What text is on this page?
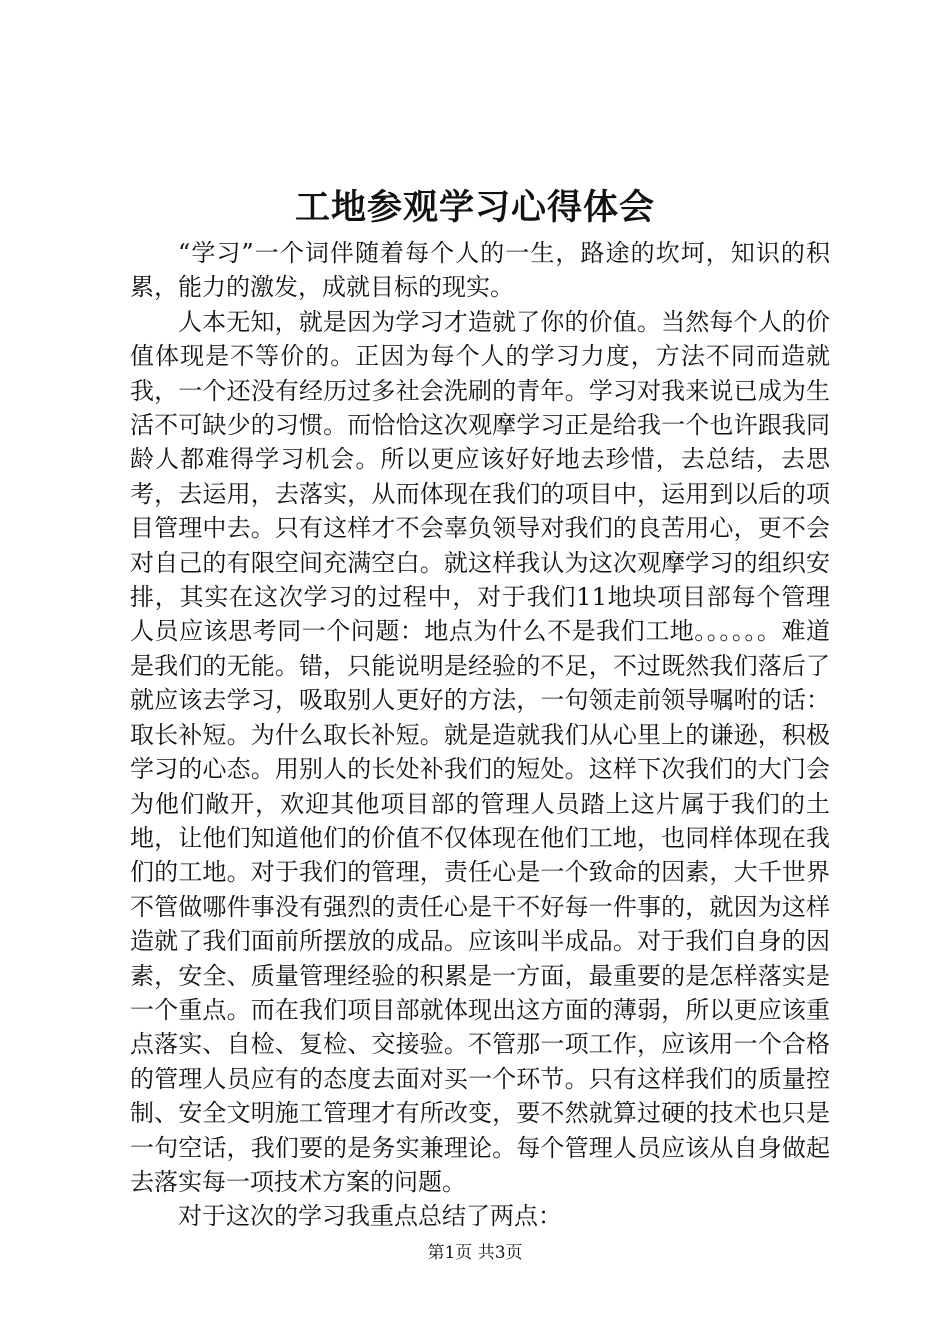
工地参观学习心得体会

“学习”一个词伴随着每个人的一生，路途的坎坷，知识的积累，能力的激发，成就目标的现实。

人本无知，就是因为学习才造就了你的价值。当然每个人的价值体现是不等价的。正因为每个人的学习力度，方法不同而造就我，一个还没有经历过多社会洗刷的青年。学习对我来说已成为生活不可缺少的习惯。而恰恰这次观摩学习正是给我一个也许跟我同龄人都难得学习机会。所以更应该好好地去珍惜，去总结，去思考，去运用，去落实，从而体现在我们的项目中，运用到以后的项目管理中去。只有这样才不会辜负领导对我们的良苦用心，更不会对自己的有限空间充满空白。就这样我认为这次观摩学习的组织安排，其实在这次学习的过程中，对于我们11地块项目部每个管理人员应该思考同一个问题：地点为什么不是我们工地。。。。。。难道是我们的无能。错，只能说明是经验的不足，不过既然我们落后了就应该去学习，吸取别人更好的方法，一句领走前领导嘱咐的话：取长补短。为什么取长补短。就是造就我们从心里上的谦逊，积极学习的心态。用别人的长处补我们的短处。这样下次我们的大门会为他们敞开，欢迎其他项目部的管理人员踏上这片属于我们的土地，让他们知道他们的价值不仅体现在他们工地，也同样体现在我们的工地。对于我们的管理，责任心是一个致命的因素，大千世界不管做哪件事没有强烈的责任心是干不好每一件事的，就因为这样造就了我们面前所摆放的成品。应该叫半成品。对于我们自身的因素，安全、质量管理经验的积累是一方面，最重要的是怎样落实是一个重点。而在我们项目部就体现出这方面的薄弱，所以更应该重点落实、自检、复检、交接验。不管那一项工作，应该用一个合格的管理人员应有的态度去面对买一个环节。只有这样我们的质量控制、安全文明施工管理才有所改变，要不然就算过硬的技术也只是一句空话，我们要的是务实兼理论。每个管理人员应该从自身做起去落实每一项技术方案的问题。

对于这次的学习我重点总结了两点：

第1页 共3页
